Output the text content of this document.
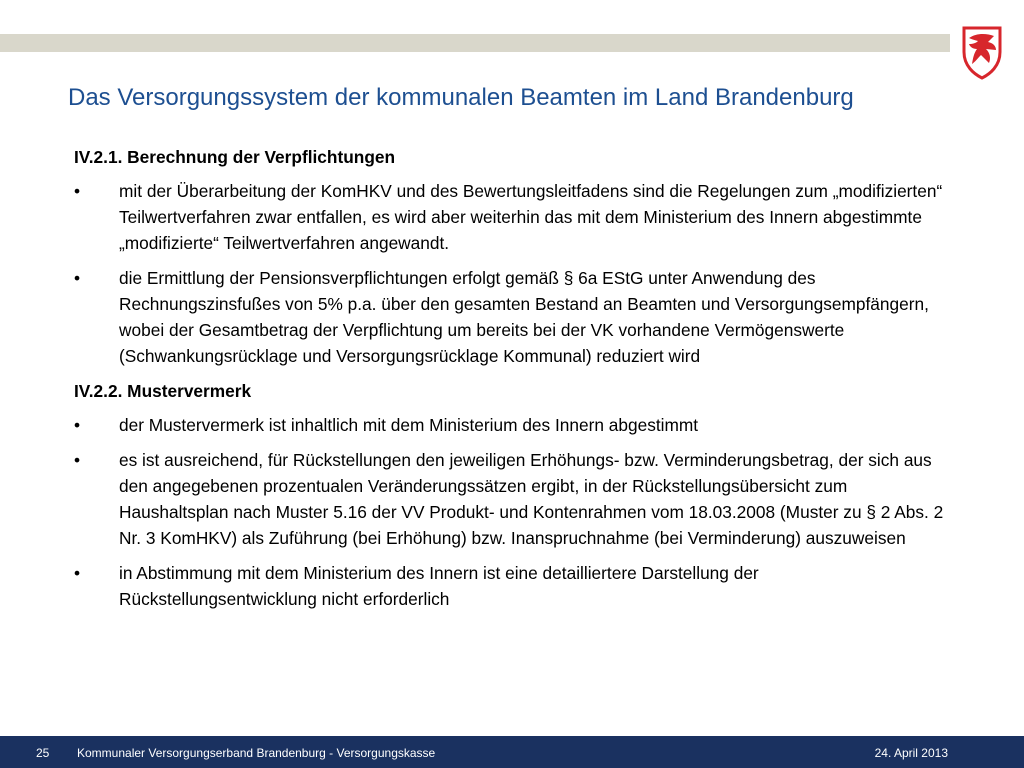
Das Versorgungssystem der kommunalen Beamten im Land Brandenburg
IV.2.1. Berechnung der Verpflichtungen
• mit der Überarbeitung der KomHKV und des Bewertungsleitfadens sind die Regelungen zum „modifizierten“ Teilwertverfahren zwar entfallen, es wird aber weiterhin das mit dem Ministerium des Innern abgestimmte „modifizierte“ Teilwertverfahren angewandt.
• die Ermittlung der Pensionsverpflichtungen erfolgt gemäß § 6a EStG unter Anwendung des Rechnungszinsfußes von 5% p.a. über den gesamten Bestand an Beamten und Versorgungsempfängern, wobei der Gesamtbetrag der Verpflichtung um bereits bei der VK vorhandene Vermögenswerte (Schwankungsrücklage und Versorgungsrücklage Kommunal) reduziert wird
IV.2.2. Mustervermerk
• der Mustervermerk ist inhaltlich mit dem Ministerium des Innern abgestimmt
• es ist ausreichend, für Rückstellungen den jeweiligen Erhöhungs- bzw. Verminderungsbetrag, der sich aus den angegebenen prozentualen Veränderungssätzen ergibt, in der Rückstellungsübersicht zum Haushaltsplan nach Muster 5.16 der VV Produkt- und Kontenrahmen vom 18.03.2008 (Muster zu § 2 Abs. 2 Nr. 3 KomHKV) als Zuführung (bei Erhöhung) bzw. Inanspruchnahme (bei Verminderung) auszuweisen
• in Abstimmung mit dem Ministerium des Innern ist eine detailliertere Darstellung der Rückstellungsentwicklung nicht erforderlich
25 Kommunaler Versorgungserband Brandenburg - Versorgungskasse	24. April 2013
